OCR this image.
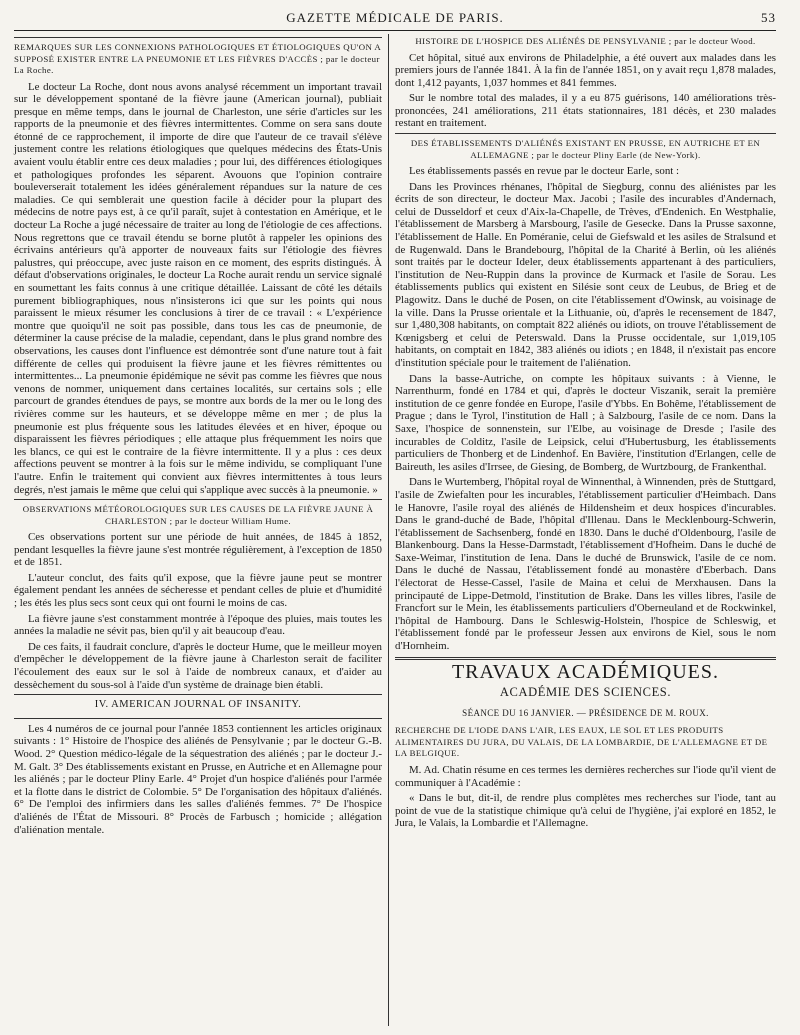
GAZETTE MÉDICALE DE PARIS.	53
REMARQUES SUR LES CONNEXIONS PATHOLOGIQUES ET ÉTIOLOGIQUES QU'ON A SUPPOSÉ EXISTER ENTRE LA PNEUMONIE ET LES FIÈVRES D'ACCÈS ; par le docteur La Roche.

Le docteur La Roche, dont nous avons analysé récemment un important travail sur le développement spontané de la fièvre jaune (American journal), publiait presque en même temps, dans le journal de Charleston, une série d'articles sur les rapports de la pneumonie et des fièvres intermittentes. Comme on sera sans doute étonné de ce rapprochement, il importe de dire que l'auteur de ce travail s'élève justement contre les relations étiologiques que quelques médecins des États-Unis avaient voulu établir entre ces deux maladies ; pour lui, des différences étiologiques et pathologiques profondes les séparent. Avouons que l'opinion contraire bouleverserait totalement les idées généralement répandues sur la nature de ces maladies. Ce qui semblerait une question facile à décider pour la plupart des médecins de notre pays est, à ce qu'il paraît, sujet à contestation en Amérique, et le docteur La Roche a jugé nécessaire de traiter au long de l'étiologie de ces affections. Nous regrettons que ce travail étendu se borne plutôt à rappeler les opinions des écrivains antérieurs qu'à apporter de nouveaux faits sur l'étiologie des fièvres palustres, qui préoccupe, avec juste raison en ce moment, des esprits distingués. À défaut d'observations originales, le docteur La Roche aurait rendu un service signalé en soumettant les faits connus à une critique détaillée. Laissant de côté les détails purement bibliographiques, nous n'insisterons ici que sur les points qui nous paraissent le mieux résumer les conclusions à tirer de ce travail : « L'expérience montre que quoiqu'il ne soit pas possible, dans tous les cas de pneumonie, de déterminer la cause précise de la maladie, cependant, dans le plus grand nombre des observations, les causes dont l'influence est démontrée sont d'une nature tout à fait différente de celles qui produisent la fièvre jaune et les fièvres rémittentes ou intermittentes... La pneumonie épidémique ne sévit pas comme les fièvres que nous venons de nommer, uniquement dans certaines localités, sur certains sols ; elle parcourt de grandes étendues de pays, se montre aux bords de la mer ou le long des rivières comme sur les hauteurs, et se développe même en mer ; de plus la pneumonie est plus fréquente sous les latitudes élevées et en hiver, époque ou disparaissent les fièvres périodiques ; elle attaque plus fréquemment les noirs que les blancs, ce qui est le contraire de la fièvre intermittente. Il y a plus : ces deux affections peuvent se montrer à la fois sur le même individu, se compliquant l'une l'autre. Enfin le traitement qui convient aux fièvres intermittentes à tous leurs degrés, n'est jamais le même que celui qui s'applique avec succès à la pneumonie. »

OBSERVATIONS MÉTÉOROLOGIQUES SUR LES CAUSES DE LA FIÈVRE JAUNE À CHARLESTON ; par le docteur William Hume.

Ces observations portent sur une période de huit années, de 1845 à 1852, pendant lesquelles la fièvre jaune s'est montrée régulièrement, à l'exception de 1850 et de 1851.

L'auteur conclut, des faits qu'il expose, que la fièvre jaune peut se montrer également pendant les années de sécheresse et pendant celles de pluie et d'humidité ; les étés les plus secs sont ceux qui ont fourni le moins de cas.

La fièvre jaune s'est constamment montrée à l'époque des pluies, mais toutes les années la maladie ne sévit pas, bien qu'il y ait beaucoup d'eau.

De ces faits, il faudrait conclure, d'après le docteur Hume, que le meilleur moyen d'empêcher le développement de la fièvre jaune à Charleston serait de faciliter l'écoulement des eaux sur le sol à l'aide de nombreux canaux, et d'aider au dessèchement du sous-sol à l'aide d'un système de drainage bien établi.

IV. AMERICAN JOURNAL OF INSANITY.

Les 4 numéros de ce journal pour l'année 1853 contiennent les articles originaux suivants : 1° Histoire de l'hospice des aliénés de Pensylvanie ; par le docteur G.-B. Wood. 2° Question médico-légale de la séquestration des aliénés ; par le docteur J.-M. Galt. 3° Des établissements existant en Prusse, en Autriche et en Allemagne pour les aliénés ; par le docteur Pliny Earle. 4° Projet d'un hospice d'aliénés pour l'armée et la flotte dans le district de Colombie. 5° De l'organisation des hôpitaux d'aliénés. 6° De l'emploi des infirmiers dans les salles d'aliénés femmes. 7° De l'hospice d'aliénés de l'État de Missouri. 8° Procès de Farbusch ; homicide ; allégation d'aliénation mentale.

HISTOIRE DE L'HOSPICE DES ALIÉNÉS DE PENSYLVANIE ; par le docteur Wood.

Cet hôpital, situé aux environs de Philadelphie, a été ouvert aux malades dans les premiers jours de l'année 1841. À la fin de l'année 1851, on y avait reçu 1,878 malades, dont 1,412 payants, 1,037 hommes et 841 femmes.

Sur le nombre total des malades, il y a eu 875 guérisons, 140 améliorations très-prononcées, 241 améliorations, 211 états stationnaires, 181 décès, et 230 malades restant en traitement.

DES ÉTABLISSEMENTS D'ALIÉNÉS EXISTANT EN PRUSSE, EN AUTRICHE ET EN ALLEMAGNE ; par le docteur Pliny Earle (de New-York).

Les établissements passés en revue par le docteur Earle, sont :

Dans les Provinces rhénanes, l'hôpital de Siegburg, connu des aliénistes par les écrits de son directeur, le docteur Max. Jacobi ; l'asile des incurables d'Andernach, celui de Dusseldorf et ceux d'Aix-la-Chapelle, de Trèves, d'Endenich. En Westphalie, l'établissement de Marsberg à Marsbourg, l'asile de Gesecke. Dans la Prusse saxonne, l'établissement de Halle. En Poméranie, celui de Giefswald et les asiles de Stralsund et de Rugenwald. Dans le Brandebourg, l'hôpital de la Charité à Berlin, où les aliénés sont traités par le docteur Ideler, deux établissements appartenant à des particuliers, l'institution de Neu-Ruppin dans la province de Kurmack et l'asile de Sorau. Les établissements publics qui existent en Silésie sont ceux de Leubus, de Brieg et de Plagowitz. Dans le duché de Posen, on cite l'établissement d'Owinsk, au voisinage de la ville. Dans la Prusse orientale et la Lithuanie, où, d'après le recensement de 1847, sur 1,480,308 habitants, on comptait 822 aliénés ou idiots, on trouve l'établissement de Kœnigsberg et celui de Peterswald. Dans la Prusse occidentale, sur 1,019,105 habitants, on comptait en 1842, 383 aliénés ou idiots ; en 1848, il n'existait pas encore d'institution spéciale pour le traitement de l'aliénation.

Dans la basse-Autriche, on compte les hôpitaux suivants : à Vienne, le Narrenthurm, fondé en 1784 et qui, d'après le docteur Viszanik, serait la première institution de ce genre fondée en Europe, l'asile d'Ybbs. En Bohême, l'établissement de Prague ; dans le Tyrol, l'institution de Hall ; à Salzbourg, l'asile de ce nom. Dans la Saxe, l'hospice de sonnenstein, sur l'Elbe, au voisinage de Dresde ; l'asile des incurables de Colditz, l'asile de Leipsick, celui d'Hubertusburg, les établissements particuliers de Thonberg et de Lindenhof. En Bavière, l'institution d'Erlangen, celle de Baireuth, les asiles d'Irrsee, de Giesing, de Bomberg, de Wurtzbourg, de Frankenthal.

Dans le Wurtemberg, l'hôpital royal de Winnenthal, à Winnenden, près de Stuttgard, l'asile de Zwiefalten pour les incurables, l'établissement particulier d'Heimbach. Dans le Hanovre, l'asile royal des aliénés de Hildensheim et deux hospices d'incurables. Dans le grand-duché de Bade, l'hôpital d'Illenau. Dans le Mecklenbourg-Schwerin, l'établissement de Sachsenberg, fondé en 1830. Dans le duché d'Oldenbourg, l'asile de Blankenbourg. Dans la Hesse-Darmstadt, l'établissement d'Hofheim. Dans le duché de Saxe-Weimar, l'institution de Iena. Dans le duché de Brunswick, l'asile de ce nom. Dans le duché de Nassau, l'établissement fondé au monastère d'Eberbach. Dans l'électorat de Hesse-Cassel, l'asile de Maina et celui de Merxhausen. Dans la principauté de Lippe-Detmold, l'institution de Brake. Dans les villes libres, l'asile de Francfort sur le Mein, les établissements particuliers d'Oberneuland et de Rockwinkel, l'hôpital de Hambourg. Dans le Schleswig-Holstein, l'hospice de Schleswig, et l'établissement fondé par le professeur Jessen aux environs de Kiel, sous le nom d'Hornheim.

TRAVAUX ACADÉMIQUES.
ACADÉMIE DES SCIENCES.
SÉANCE DU 16 JANVIER. — PRÉSIDENCE DE M. ROUX.
RECHERCHE DE L'IODE DANS L'AIR, LES EAUX, LE SOL ET LES PRODUITS ALIMENTAIRES DU JURA, DU VALAIS, DE LA LOMBARDIE, DE L'ALLEMAGNE ET DE LA BELGIQUE.

M. Ad. Chatin résume en ces termes les dernières recherches sur l'iode qu'il vient de communiquer à l'Académie :

« Dans le but, dit-il, de rendre plus complètes mes recherches sur l'iode, tant au point de vue de la statistique chimique qu'à celui de l'hygiène, j'ai exploré en 1852, le Jura, le Valais, la Lombardie et l'Allemagne.
